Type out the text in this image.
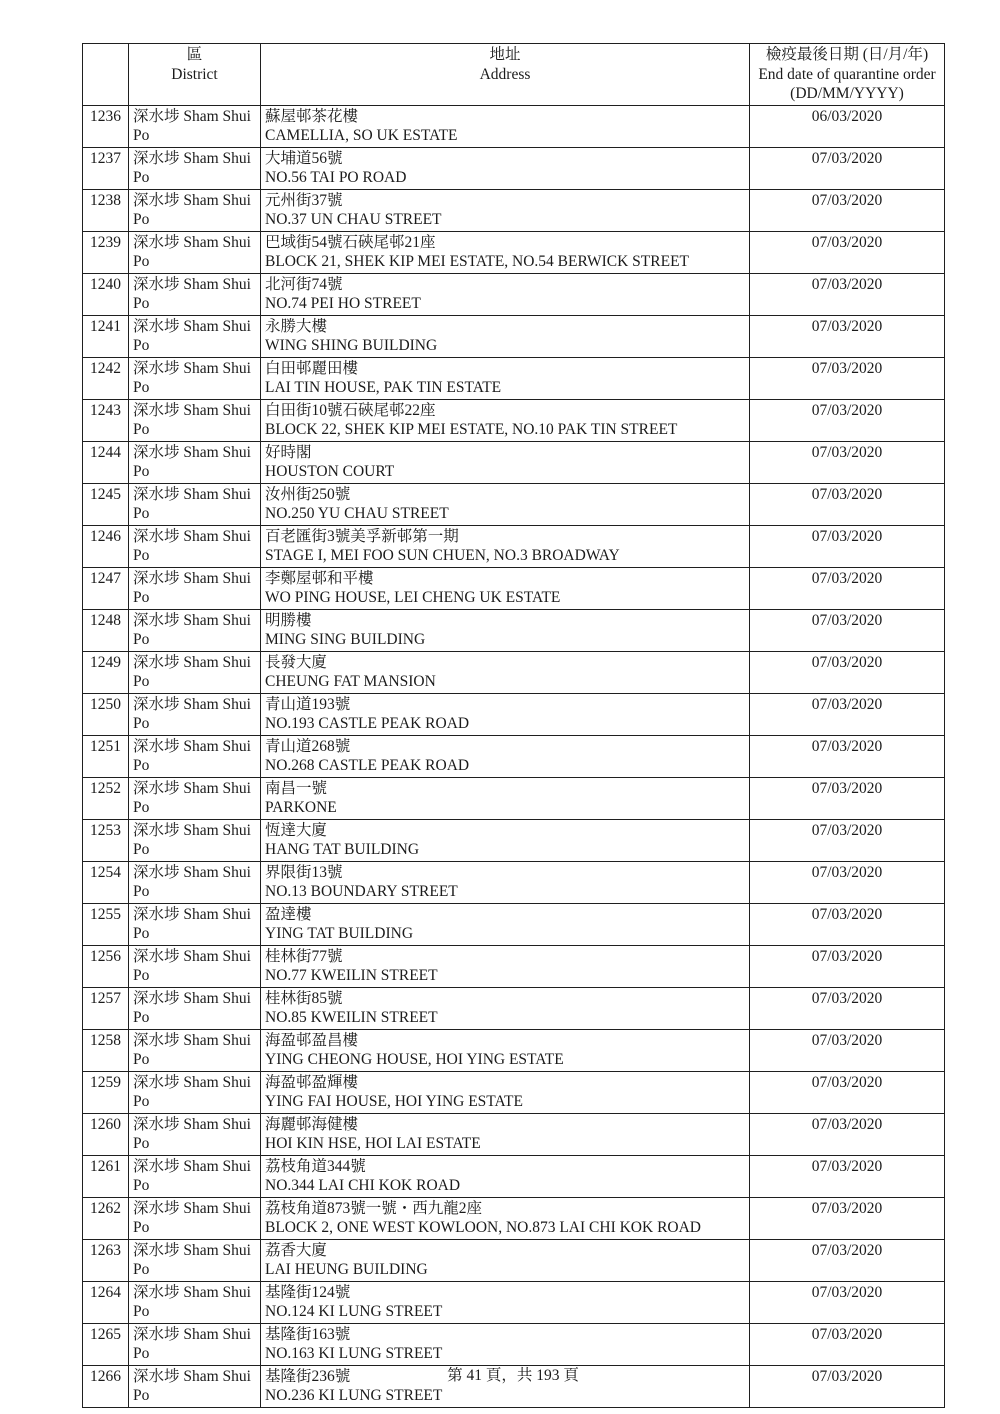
區
District

地址
Address

檢疫最後日期 (日/月/年)
End date of quarantine order
(DD/MM/YYYY)

1236	深水埗 Sham Shui Po	蘇屋邨茶花樓
CAMELLIA, SO UK ESTATE	06/03/2020
1237	深水埗 Sham Shui Po	大埔道56號
NO.56 TAI PO ROAD	07/03/2020
1238	深水埗 Sham Shui Po	元州街37號
NO.37 UN CHAU STREET	07/03/2020
1239	深水埗 Sham Shui Po	巴域街54號石硤尾邨21座
BLOCK 21, SHEK KIP MEI ESTATE, NO.54 BERWICK STREET	07/03/2020
1240	深水埗 Sham Shui Po	北河街74號
NO.74 PEI HO STREET	07/03/2020
1241	深水埗 Sham Shui Po	永勝大樓
WING SHING BUILDING	07/03/2020
1242	深水埗 Sham Shui Po	白田邨麗田樓
LAI TIN HOUSE, PAK TIN ESTATE	07/03/2020
1243	深水埗 Sham Shui Po	白田街10號石硤尾邨22座
BLOCK 22, SHEK KIP MEI ESTATE, NO.10 PAK TIN STREET	07/03/2020
1244	深水埗 Sham Shui Po	好時閣
HOUSTON COURT	07/03/2020
1245	深水埗 Sham Shui Po	汝州街250號
NO.250 YU CHAU STREET	07/03/2020
1246	深水埗 Sham Shui Po	百老匯街3號美孚新邨第一期
STAGE I, MEI FOO SUN CHUEN, NO.3 BROADWAY	07/03/2020
1247	深水埗 Sham Shui Po	李鄭屋邨和平樓
WO PING HOUSE, LEI CHENG UK ESTATE	07/03/2020
1248	深水埗 Sham Shui Po	明勝樓
MING SING BUILDING	07/03/2020
1249	深水埗 Sham Shui Po	長發大廈
CHEUNG FAT MANSION	07/03/2020
1250	深水埗 Sham Shui Po	青山道193號
NO.193 CASTLE PEAK ROAD	07/03/2020
1251	深水埗 Sham Shui Po	青山道268號
NO.268 CASTLE PEAK ROAD	07/03/2020
1252	深水埗 Sham Shui Po	南昌一號
PARKONE	07/03/2020
1253	深水埗 Sham Shui Po	恆達大廈
HANG TAT BUILDING	07/03/2020
1254	深水埗 Sham Shui Po	界限街13號
NO.13 BOUNDARY STREET	07/03/2020
1255	深水埗 Sham Shui Po	盈達樓
YING TAT BUILDING	07/03/2020
1256	深水埗 Sham Shui Po	桂林街77號
NO.77 KWEILIN STREET	07/03/2020
1257	深水埗 Sham Shui Po	桂林街85號
NO.85 KWEILIN STREET	07/03/2020
1258	深水埗 Sham Shui Po	海盈邨盈昌樓
YING CHEONG HOUSE, HOI YING ESTATE	07/03/2020
1259	深水埗 Sham Shui Po	海盈邨盈輝樓
YING FAI HOUSE, HOI YING ESTATE	07/03/2020
1260	深水埗 Sham Shui Po	海麗邨海健樓
HOI KIN HSE, HOI LAI ESTATE	07/03/2020
1261	深水埗 Sham Shui Po	荔枝角道344號
NO.344 LAI CHI KOK ROAD	07/03/2020
1262	深水埗 Sham Shui Po	荔枝角道873號一號・西九龍2座
BLOCK 2, ONE WEST KOWLOON, NO.873 LAI CHI KOK ROAD	07/03/2020
1263	深水埗 Sham Shui Po	荔香大廈
LAI HEUNG BUILDING	07/03/2020
1264	深水埗 Sham Shui Po	基隆街124號
NO.124 KI LUNG STREET	07/03/2020
1265	深水埗 Sham Shui Po	基隆街163號
NO.163 KI LUNG STREET	07/03/2020
1266	深水埗 Sham Shui Po	基隆街236號
NO.236 KI LUNG STREET	07/03/2020
第 41 頁，共 193 頁
